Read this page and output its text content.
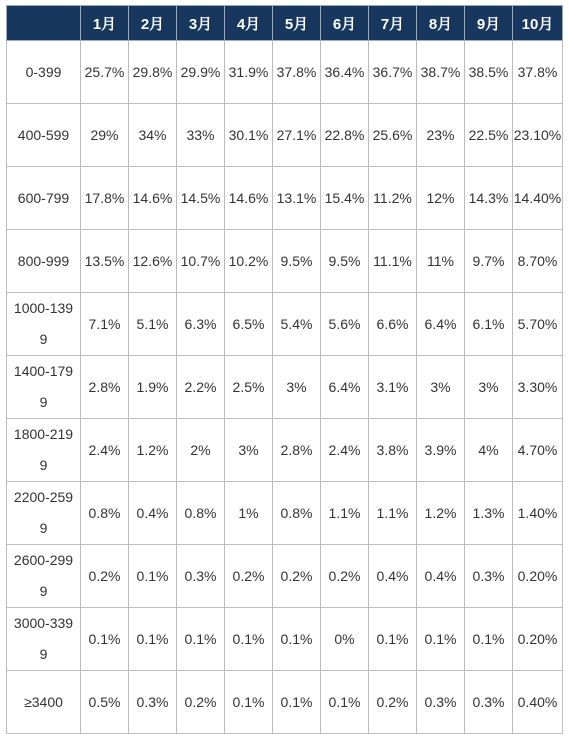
	1月	2月	3月	4月	5月	6月	7月	8月	9月	10月
0-399	25.7%	29.8%	29.9%	31.9%	37.8%	36.4%	36.7%	38.7%	38.5%	37.8%
400-599	29%	34%	33%	30.1%	27.1%	22.8%	25.6%	23%	22.5%	23.10%
600-799	17.8%	14.6%	14.5%	14.6%	13.1%	15.4%	11.2%	12%	14.3%	14.40%
800-999	13.5%	12.6%	10.7%	10.2%	9.5%	9.5%	11.1%	11%	9.7%	8.70%
1000-1399	7.1%	5.1%	6.3%	6.5%	5.4%	5.6%	6.6%	6.4%	6.1%	5.70%
1400-1799	2.8%	1.9%	2.2%	2.5%	3%	6.4%	3.1%	3%	3%	3.30%
1800-2199	2.4%	1.2%	2%	3%	2.8%	2.4%	3.8%	3.9%	4%	4.70%
2200-2599	0.8%	0.4%	0.8%	1%	0.8%	1.1%	1.1%	1.2%	1.3%	1.40%
2600-2999	0.2%	0.1%	0.3%	0.2%	0.2%	0.2%	0.4%	0.4%	0.3%	0.20%
3000-3399	0.1%	0.1%	0.1%	0.1%	0.1%	0%	0.1%	0.1%	0.1%	0.20%
≥3400	0.5%	0.3%	0.2%	0.1%	0.1%	0.1%	0.2%	0.3%	0.3%	0.40%
